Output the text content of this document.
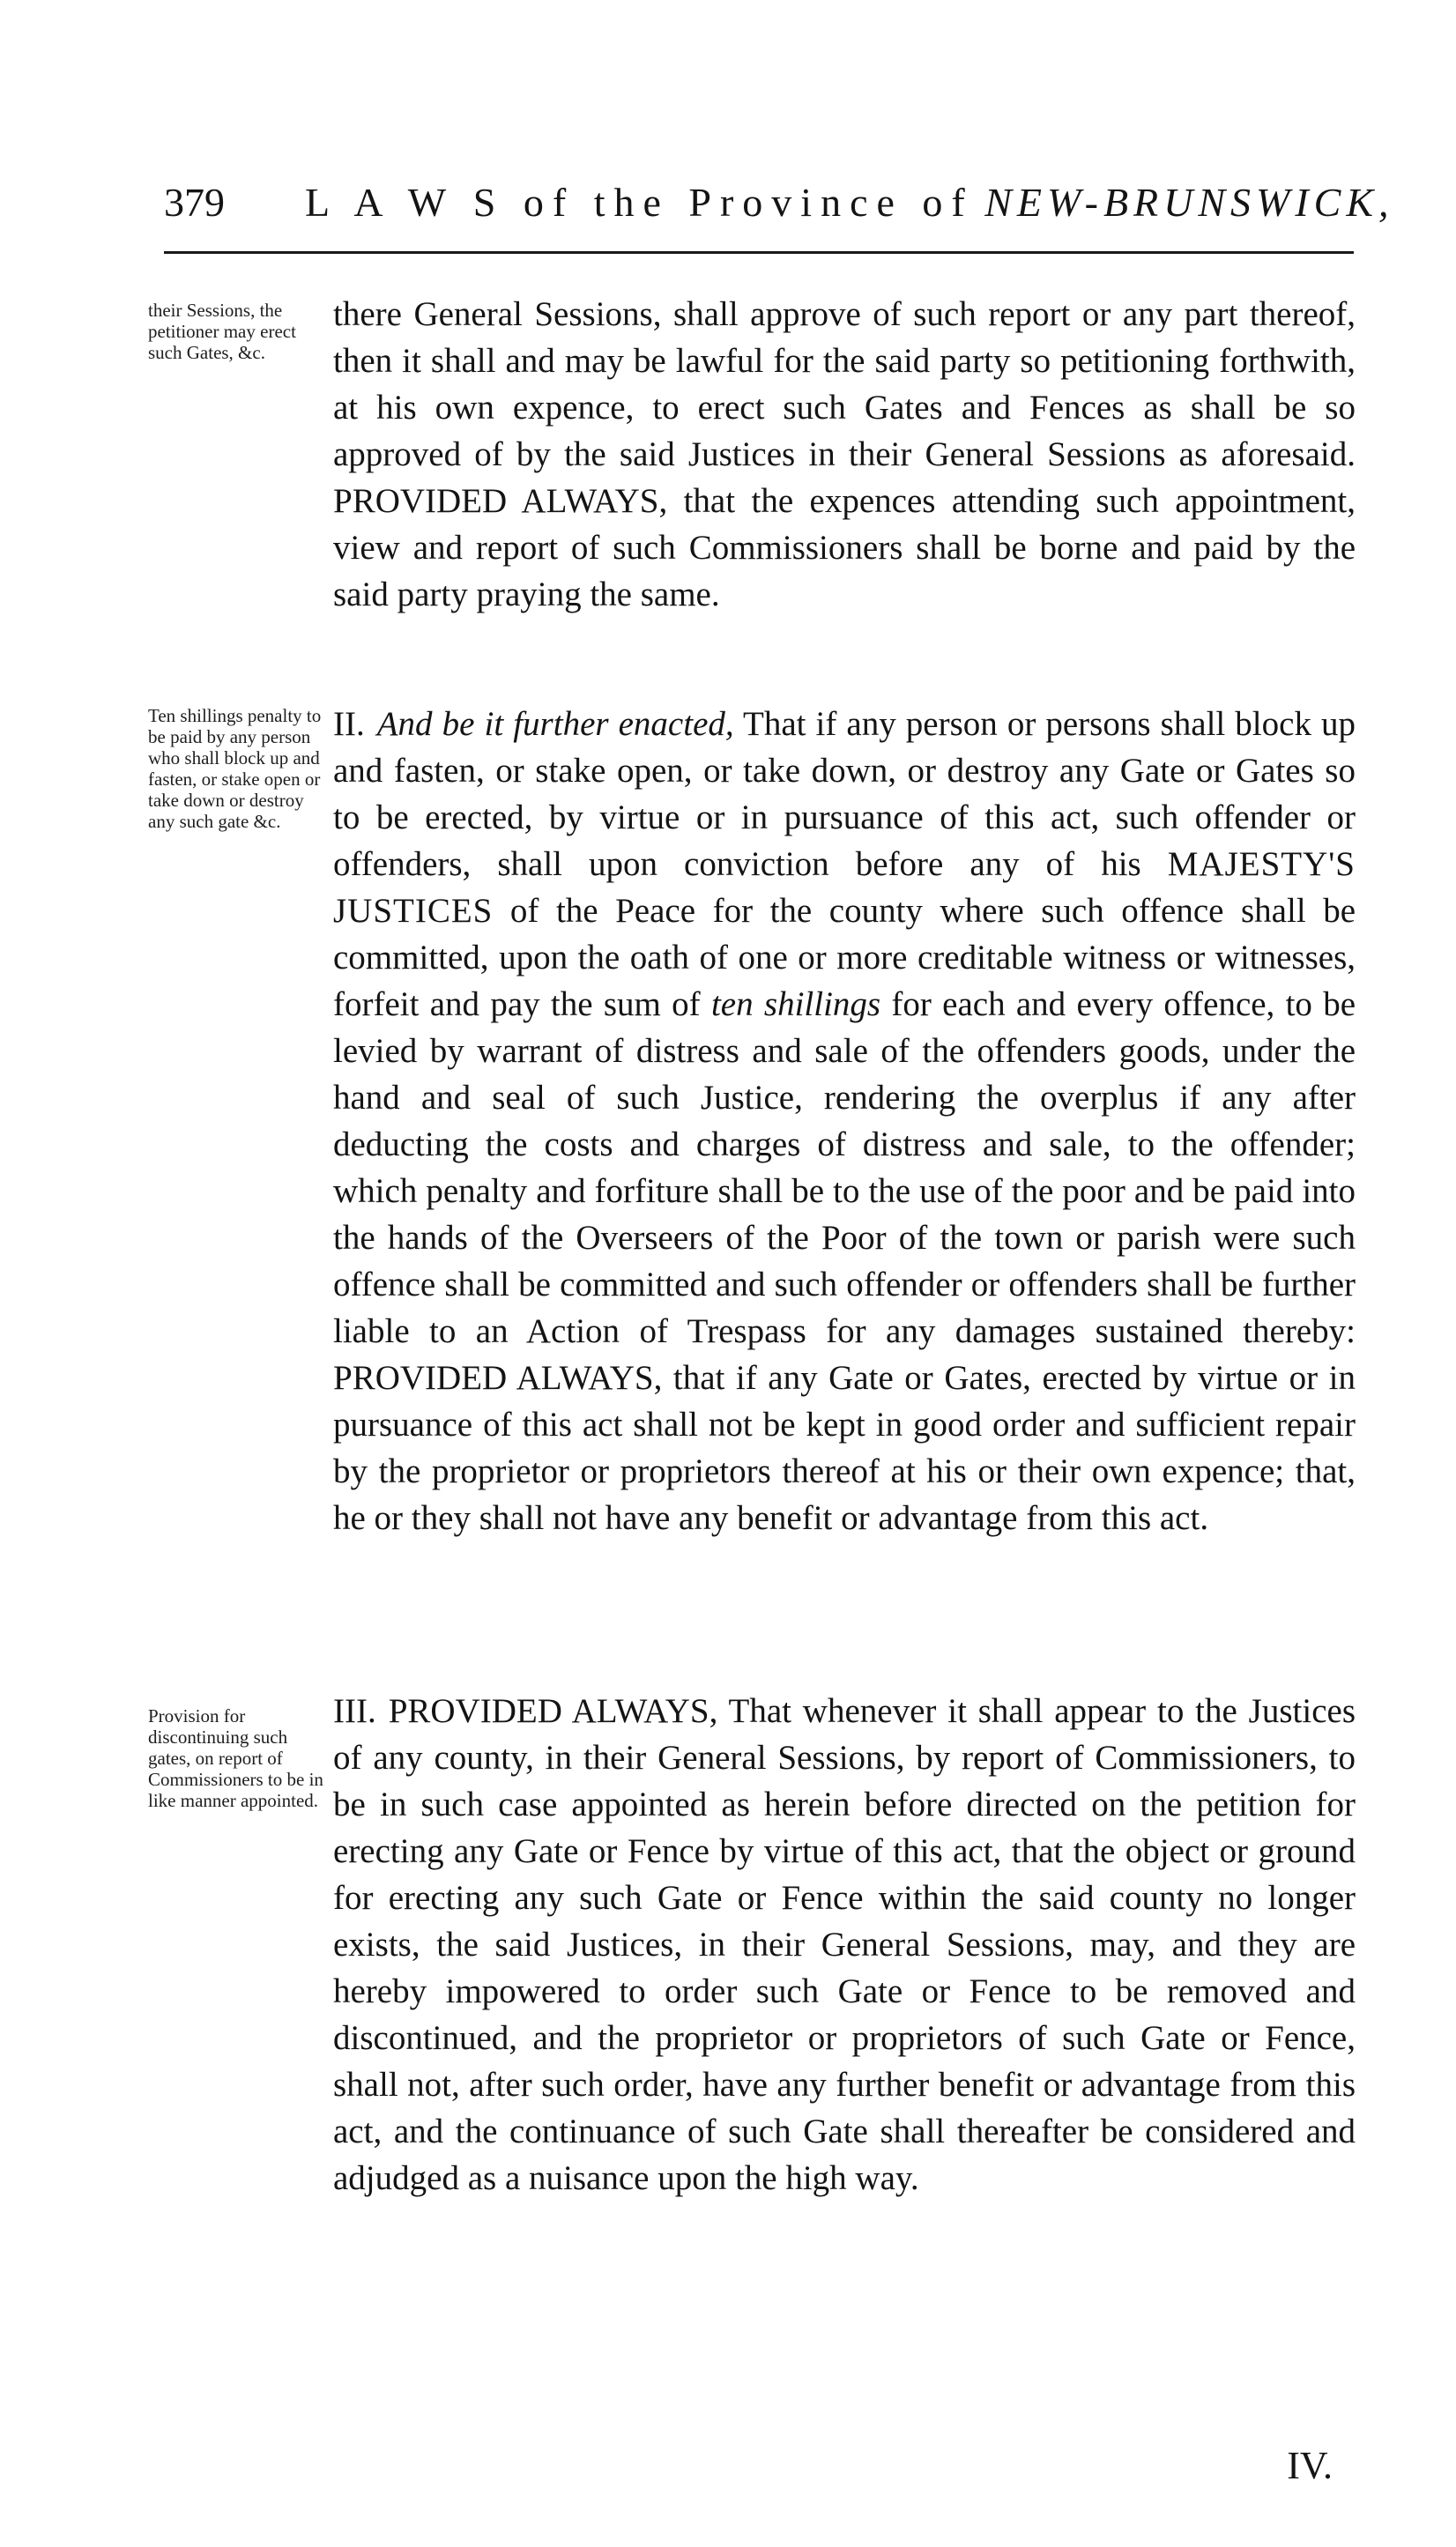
379 L A W S of the Province of NEW-BRUNSWICK,
their Sessions, the petitioner may erect such Gates, &c.
Ten shillings penalty to be paid by any person who shall block up and fasten, or stake open or take down or destroy any such gate &c.
Provision for discontinuing such gates, on report of Commissioners to be in like manner appointed.

there General Sessions, shall approve of such report or any part thereof, then it shall and may be lawful for the said party so petitioning forthwith, at his own expence, to erect such Gates and Fences as shall be so approved of by the said Justices in their General Sessions as aforesaid. PROVIDED ALWAYS, that the expences attending such appointment, view and report of such Commissioners shall be borne and paid by the said party praying the same.

II. And be it further enacted, That if any person or persons shall block up and fasten, or stake open, or take down, or destroy any Gate or Gates so to be erected, by virtue or in pursuance of this act, such offender or offenders, shall upon conviction before any of his MAJESTY'S JUSTICES of the Peace for the county where such offence shall be committed, upon the oath of one or more creditable witness or witnesses, forfeit and pay the sum of ten shillings for each and every offence, to be levied by warrant of distress and sale of the offenders goods, under the hand and seal of such Justice, rendering the overplus if any after deducting the costs and charges of distress and sale, to the offender; which penalty and forfiture shall be to the use of the poor and be paid into the hands of the Overseers of the Poor of the town or parish were such offence shall be committed and such offender or offenders shall be further liable to an Action of Trespass for any damages sustained thereby: PROVIDED ALWAYS, that if any Gate or Gates, erected by virtue or in pursuance of this act shall not be kept in good order and sufficient repair by the proprietor or proprietors thereof at his or their own expence; that, he or they shall not have any benefit or advantage from this act.

III. PROVIDED ALWAYS, That whenever it shall appear to the Justices of any county, in their General Sessions, by report of Commissioners, to be in such case appointed as herein before directed on the petition for erecting any Gate or Fence by virtue of this act, that the object or ground for erecting any such Gate or Fence within the said county no longer exists, the said Justices, in their General Sessions, may, and they are hereby impowered to order such Gate or Fence to be removed and discontinued, and the proprietor or proprietors of such Gate or Fence, shall not, after such order, have any further benefit or advantage from this act, and the continuance of such Gate shall thereafter be considered and adjudged as a nuisance upon the high way.

IV.
